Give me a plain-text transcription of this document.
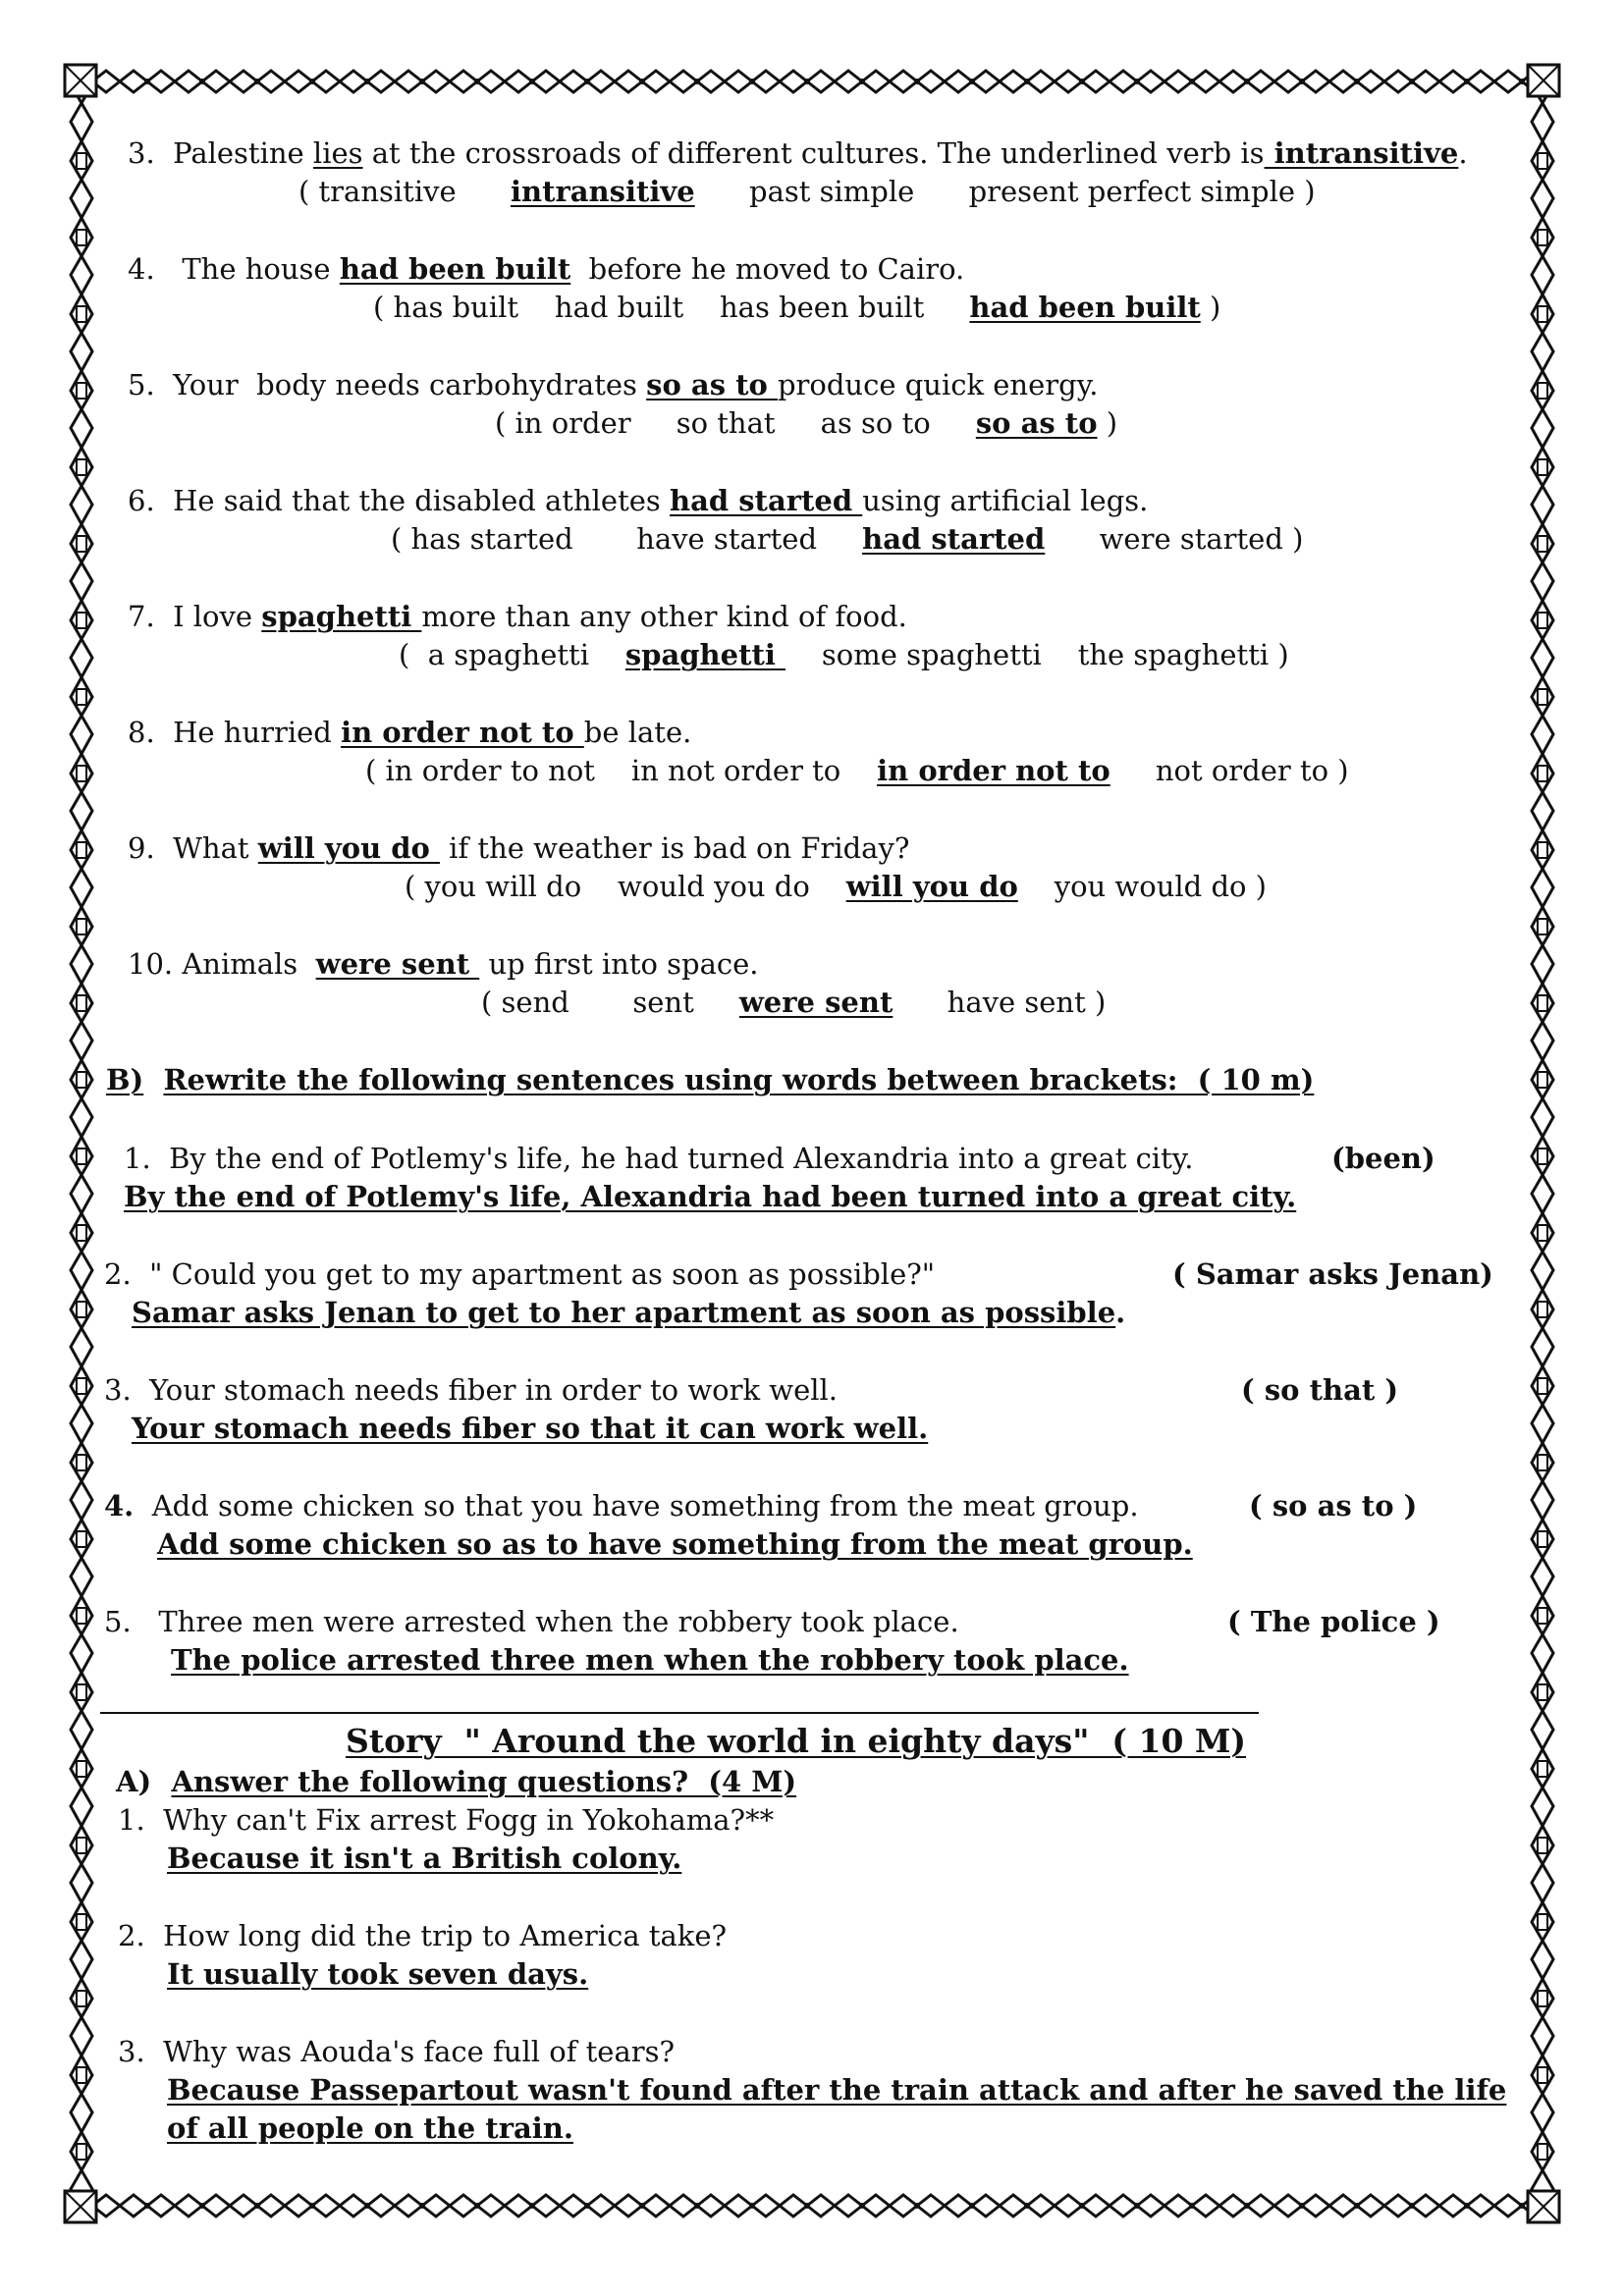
3. Palestine lies at the crossroads of different cultures. The underlined verb is intransitive.
( transitive intransitive past simple present perfect simple )
4. The house had been built  before he moved to Cairo.
( has built had built has been built had been built )
5. Your  body needs carbohydrates so as to produce quick energy.
( in order so that as so to so as to )
6. He said that the disabled athletes had started using artificial legs.
( has started have started had started were started )
7. I love spaghetti more than any other kind of food.
(  a spaghetti spaghetti     some spaghetti the spaghetti )
8. He hurried in order not to be late.
( in order to not in not order to in order not to not order to )
9. What will you do  if the weather is bad on Friday?
( you will do would you do will you do you would do )
10. Animals  were sent  up first into space.
( send sent were sent have sent )
B) Rewrite the following sentences using words between brackets:  ( 10 m)
1. By the end of Potlemy's life, he had turned Alexandria into a great city.	(been)
By the end of Potlemy's life, Alexandria had been turned into a great city.
2. " Could you get to my apartment as soon as possible?"	( Samar asks Jenan)
Samar asks Jenan to get to her apartment as soon as possible.
3. Your stomach needs fiber in order to work well.	( so that )
Your stomach needs fiber so that it can work well.
4. Add some chicken so that you have something from the meat group.	( so as to )
Add some chicken so as to have something from the meat group.
5. Three men were arrested when the robbery took place.	( The police )
The police arrested three men when the robbery took place.
Story  " Around the world in eighty days"  ( 10 M)
A) Answer the following questions?  (4 M)
1. Why can't Fix arrest Fogg in Yokohama?**
Because it isn't a British colony.
2. How long did the trip to America take?
It usually took seven days.
3. Why was Aouda's face full of tears?
Because Passepartout wasn't found after the train attack and after he saved the life
of all people on the train.
